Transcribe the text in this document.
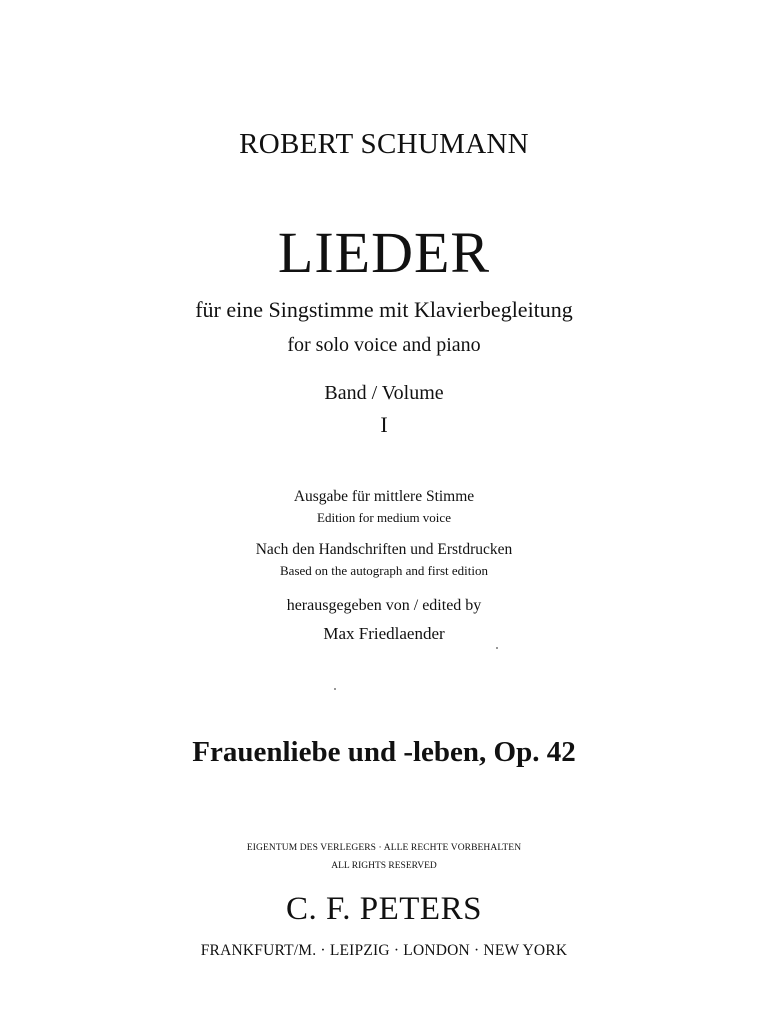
ROBERT SCHUMANN
LIEDER
für eine Singstimme mit Klavierbegleitung
for solo voice and piano
Band / Volume
I
Ausgabe für mittlere Stimme
Edition for medium voice
Nach den Handschriften und Erstdrucken
Based on the autograph and first edition
herausgegeben von / edited by
Max Friedlaender
Frauenliebe und -leben, Op. 42
EIGENTUM DES VERLEGERS · ALLE RECHTE VORBEHALTEN
ALL RIGHTS RESERVED
C. F. PETERS
FRANKFURT/M. · LEIPZIG · LONDON · NEW YORK
